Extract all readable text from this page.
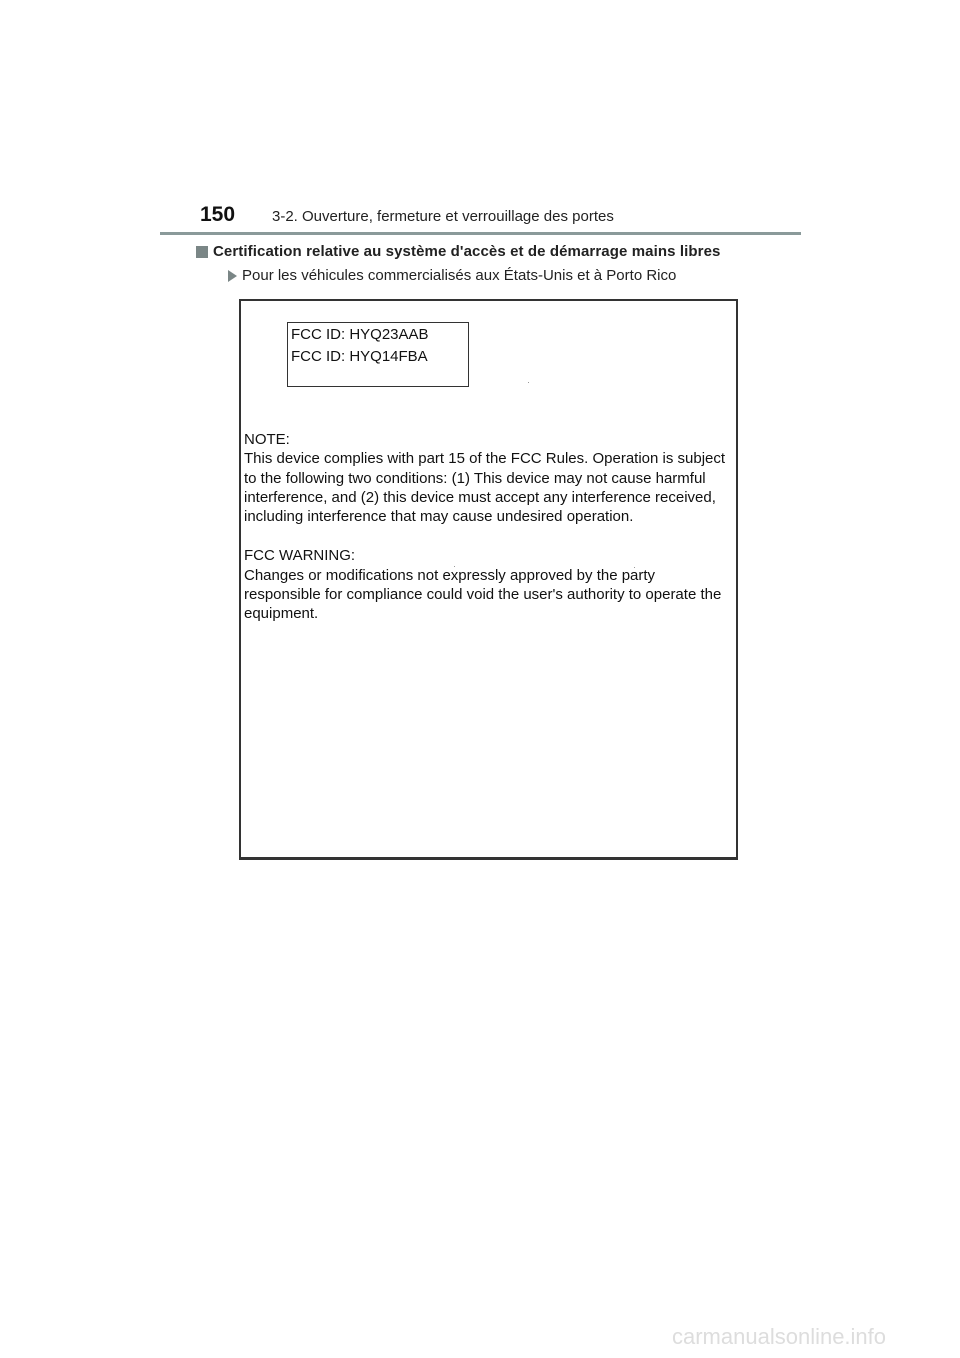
150 3-2. Ouverture, fermeture et verrouillage des portes
Certification relative au système d'accès et de démarrage mains libres
Pour les véhicules commercialisés aux États-Unis et à Porto Rico
FCC ID: HYQ23AAB
FCC ID: HYQ14FBA

NOTE:

This device complies with part 15 of the FCC Rules. Operation is subject

to the following two conditions: (1) This device may not cause harmful

interference, and (2) this device must accept any interference received,

including interference that may cause undesired operation.

FCC WARNING:

Changes or modifications not expressly approved by the party

responsible for compliance could void the user's authority to operate the

equipment.

carmanualsonline.info
